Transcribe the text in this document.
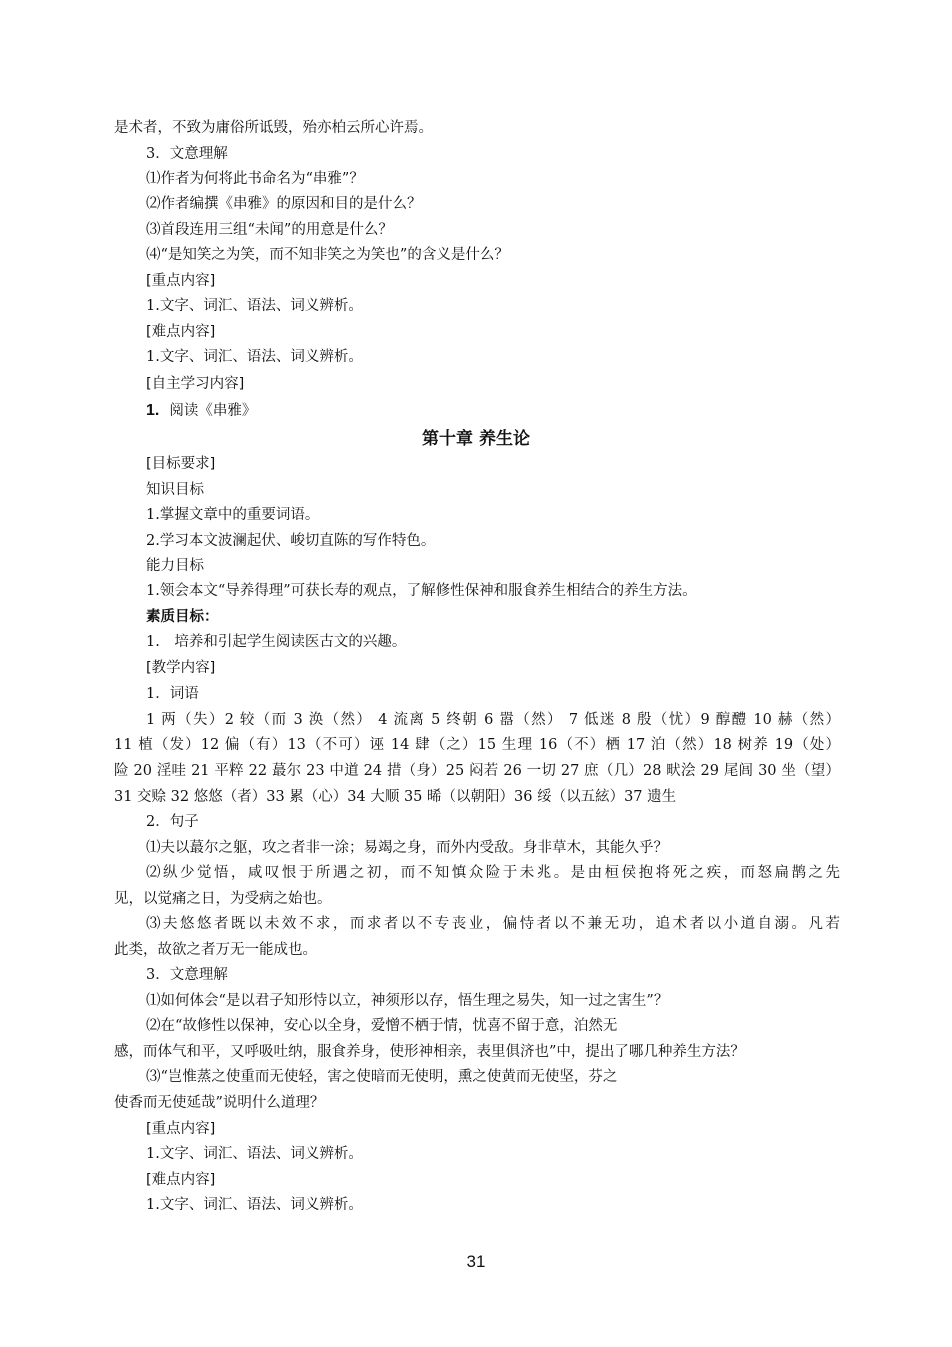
是术者，不致为庸俗所诋毁，殆亦柏云所心许焉。
3．文意理解
⑴作者为何将此书命名为“串雅”？
⑵作者编撰《串雅》的原因和目的是什么？
⑶首段连用三组“未闻”的用意是什么？
⑷“是知笑之为笑，而不知非笑之为笑也”的含义是什么？
[重点内容]
1.文字、词汇、语法、词义辨析。
[难点内容]
1.文字、词汇、语法、词义辨析。
[自主学习内容]
1. 阅读《串雅》
第十章 养生论
[目标要求]
知识目标
1.掌握文章中的重要词语。
2.学习本文波澜起伏、峻切直陈的写作特色。
能力目标
1.领会本文“导养得理”可获长寿的观点，了解修性保神和服食养生相结合的养生方法。
素质目标：
1.　培养和引起学生阅读医古文的兴趣。
[教学内容]
1．词语
1 两（失）2 较（而 3 涣（然） 4 流离 5 终朝 6 嚣（然） 7 低迷 8 殷（忧）9 醇醴 10 赫（然）
11 植（发）12 偏（有）13（不可）诬 14 肆（之）15 生理 16（不）栖 17 泊（然）18 树养 19（处）
险 20 淫哇 21 平粹 22 蕞尔 23 中道 24 措（身）25 闷若 26 一切 27 庶（几）28 畎浍 29 尾闾 30 坐（望）
31 交赊 32 悠悠（者）33 累（心）34 大顺 35 晞（以朝阳）36 绥（以五絃）37 遗生
2．句子
⑴夫以蕞尔之躯，攻之者非一涂；易竭之身，而外内受敌。身非草木，其能久乎？
⑵纵少觉悟，咸叹恨于所遇之初，而不知慎众险于未兆。是由桓侯抱将死之疾，而怒扁鹊之先
见，以觉痛之日，为受病之始也。
⑶夫悠悠者既以未效不求，而求者以不专丧业，偏恃者以不兼无功，追术者以小道自溺。凡若
此类，故欲之者万无一能成也。
3．文意理解
⑴如何体会“是以君子知形恃以立，神须形以存，悟生理之易失，知一过之害生”？
⑵在“故修性以保神，安心以全身，爱憎不栖于情，忧喜不留于意，泊然无
感，而体气和平，又呼吸吐纳，服食养身，使形神相亲，表里俱济也”中，提出了哪几种养生方法？
⑶“岂惟蒸之使重而无使轻，害之使暗而无使明，熏之使黄而无使坚，芬之
使香而无使延哉”说明什么道理？
[重点内容]
1.文字、词汇、语法、词义辨析。
[难点内容]
1.文字、词汇、语法、词义辨析。
31
